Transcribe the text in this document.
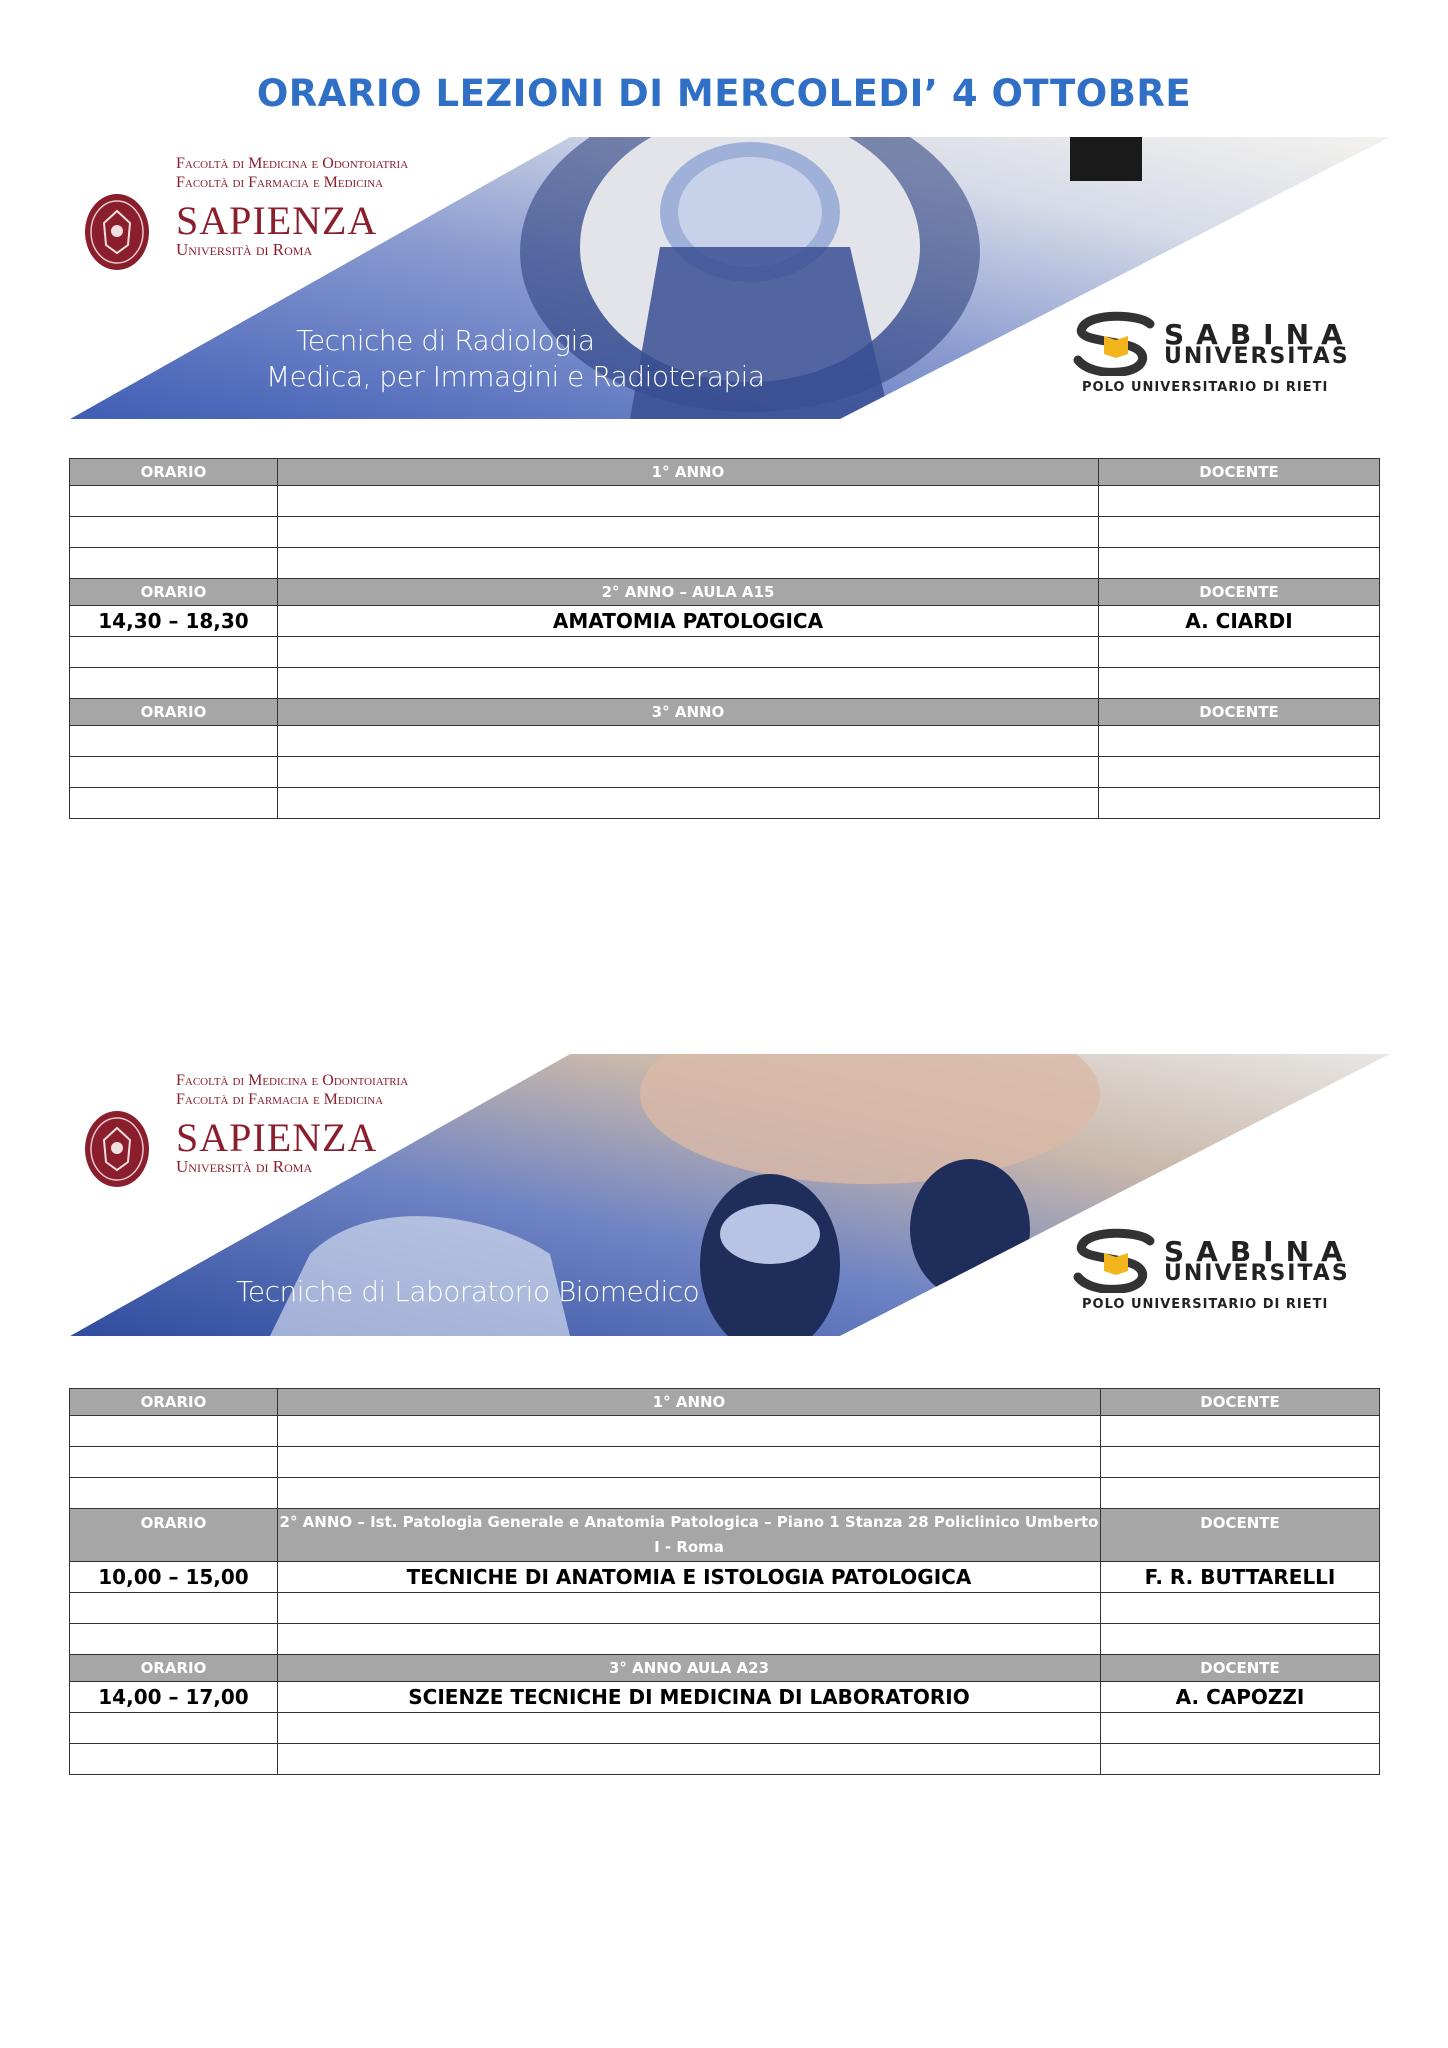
ORARIO LEZIONI DI MERCOLEDI’ 4 OTTOBRE
Facoltà di Medicina e Odontoiatria
Facoltà di Farmacia e Medicina
SAPIENZA
Università di Roma
Tecniche di Radiologia
Medica, per Immagini e Radioterapia
SABINA
UNIVERSITAS
POLO UNIVERSITARIO DI RIETI
ORARIO	1° ANNO	DOCENTE

ORARIO	2° ANNO – AULA A15	DOCENTE
14,30 – 18,30	AMATOMIA PATOLOGICA	A. CIARDI

ORARIO	3° ANNO	DOCENTE

Facoltà di Medicina e Odontoiatria
Facoltà di Farmacia e Medicina
SAPIENZA
Università di Roma
Tecniche di Laboratorio Biomedico
SABINA
UNIVERSITAS
POLO UNIVERSITARIO DI RIETI
ORARIO	1° ANNO	DOCENTE

ORARIO	2° ANNO – Ist. Patologia Generale e Anatomia Patologica – Piano 1 Stanza 28 Policlinico Umberto I - Roma	DOCENTE
10,00 – 15,00	TECNICHE DI ANATOMIA E ISTOLOGIA PATOLOGICA	F. R. BUTTARELLI

ORARIO	3° ANNO AULA A23	DOCENTE
14,00 – 17,00	SCIENZE TECNICHE DI MEDICINA DI LABORATORIO	A. CAPOZZI
